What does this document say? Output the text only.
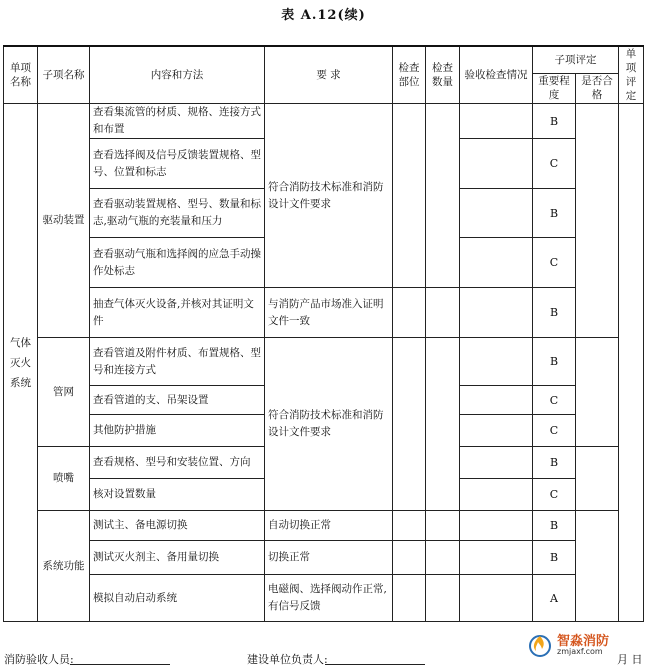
表 A.12(续)
单项名称	子项名称	内容和方法	要 求	检查部位	检查数量	验收检查情况	子项评定		单项评定
							重要程度	是否合格	
气体灭火系统	驱动装置	查看集流管的材质、规格、连接方式和布置	符合消防技术标准和消防设计文件要求				B		
		查看选择阀及信号反馈装置规格、型号、位置和标志					C		
		查看驱动装置规格、型号、数量和标志,驱动气瓶的充装量和压力					B		
		查看驱动气瓶和选择阀的应急手动操作处标志					C		
		抽查气体灭火设备,并核对其证明文件	与消防产品市场准入证明文件一致				B		
	管网	查看管道及附件材质、布置规格、型号和连接方式	符合消防技术标准和消防设计文件要求				B		
		查看管道的支、吊架设置					C		
		其他防护措施					C		
	喷嘴	查看规格、型号和安装位置、方向					B		
		核对设置数量					C		
	系统功能	测试主、备电源切换	自动切换正常				B		
		测试灭火剂主、备用量切换	切换正常				B		
		模拟自动启动系统	电磁阀、选择阀动作正常,有信号反馈				A		
消防验收人员:	建设单位负责人:	月 日
智淼消防
zmjaxf.com
